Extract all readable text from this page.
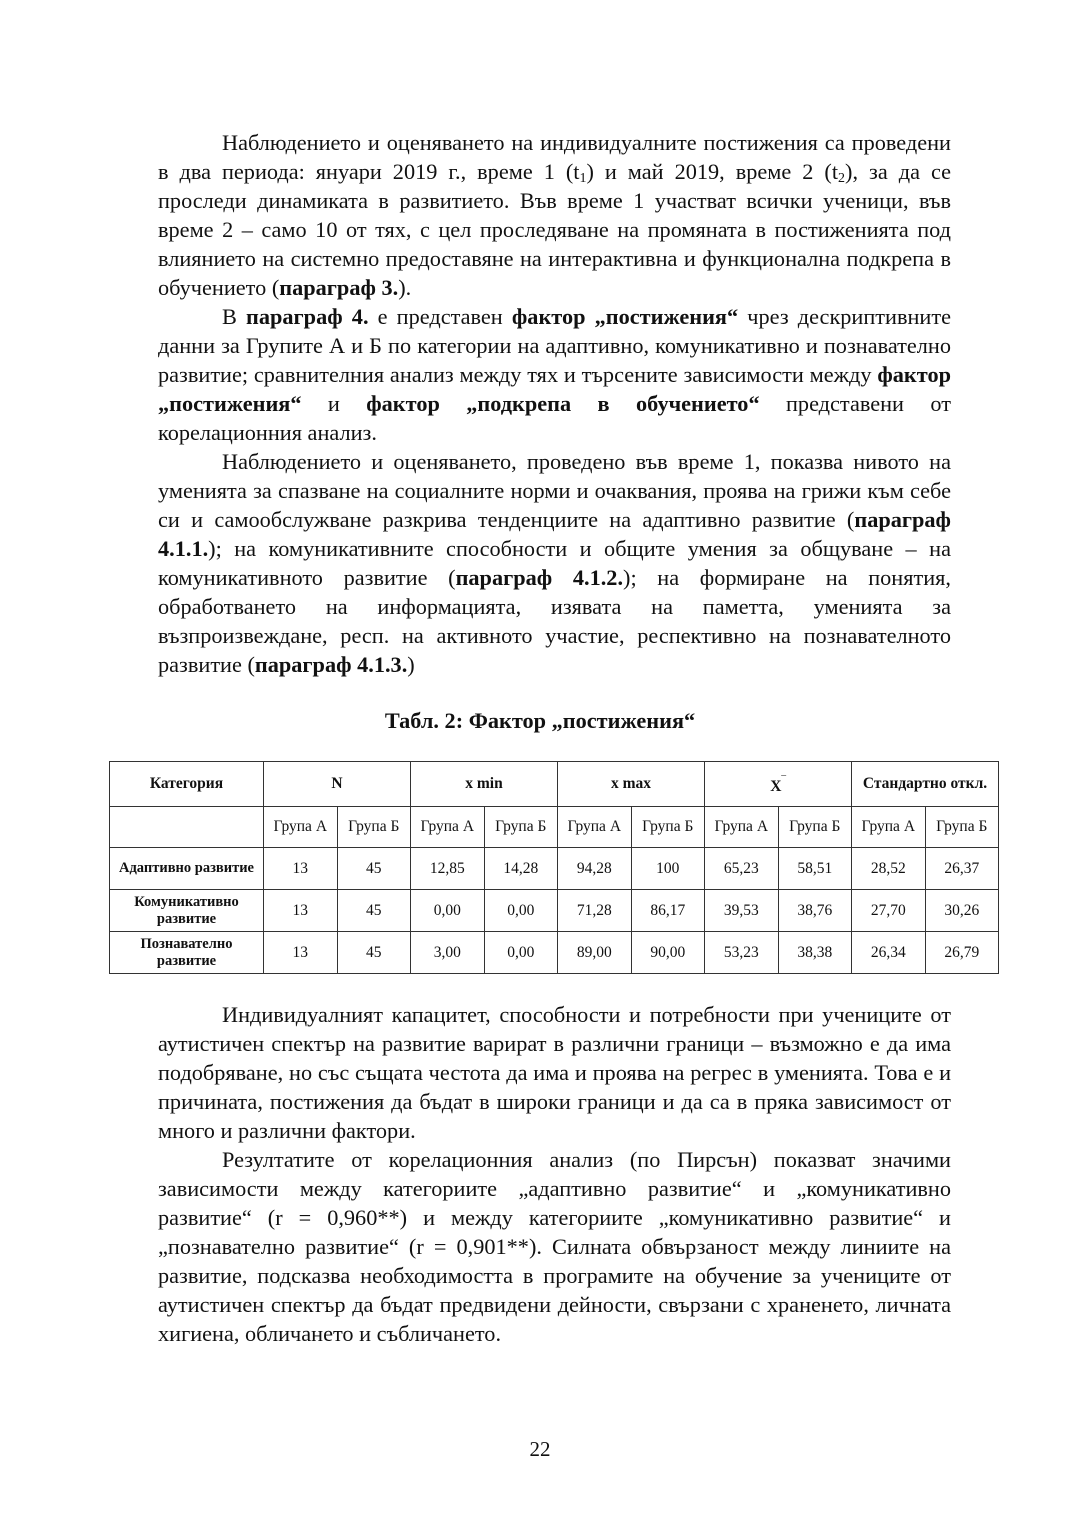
Наблюдението и оценяването на индивидуалните постижения са проведени в два периода: януари 2019 г., време 1 $(t_1)$ и май 2019, време 2 $(t_2)$, за да се проследи динамиката в развитието. Във време 1 участват всички ученици, във време 2 – само 10 от тях, с цел проследяване на промяната в постиженията под влиянието на системно предоставяне на интерактивна и функционална подкрепа в обучението (параграф 3.).

В параграф 4. е представен фактор „постижения“ чрез дескриптивните данни за Групите А и Б по категории на адаптивно, комуникативно и познавателно развитие; сравнителния анализ между тях и търсените зависимости между фактор „постижения“ и фактор „подкрепа в обучението“ представени от корелационния анализ.

Наблюдението и оценяването, проведено във време 1, показва нивото на уменията за спазване на социалните норми и очаквания, проява на грижи към себе си и самообслужване разкрива тенденциите на адаптивно развитие (параграф 4.1.1.); на комуникативните способности и общите умения за общуване – на комуникативното развитие (параграф 4.1.2.); на формиране на понятия, обработването на информацията, изявата на паметта, уменията за възпроизвеждане, респ. на активното участие, респективно на познавателното развитие (параграф 4.1.3.)

Табл. 2: Фактор „постижения“
Категория	N		x min		x max		X‾		Стандартно откл.	
	Група А	Група Б	Група А	Група Б	Група А	Група Б	Група А	Група Б	Група А	Група Б
Адаптивно развитие	13	45	12,85	14,28	94,28	100	65,23	58,51	28,52	26,37
Комуникативно развитие	13	45	0,00	0,00	71,28	86,17	39,53	38,76	27,70	30,26
Познавателно развитие	13	45	3,00	0,00	89,00	90,00	53,23	38,38	26,34	26,79

Индивидуалният капацитет, способности и потребности при учениците от аутистичен спектър на развитие варират в различни граници – възможно е да има подобряване, но със същата честота да има и проява на регрес в уменията. Това е и причината, постижения да бъдат в широки граници и да са в пряка зависимост от много и различни фактори.

Резултатите от корелационния анализ (по Пирсън) показват значими зависимости между категориите „адаптивно развитие“ и „комуникативно развитие“ (r = 0,960**) и между категориите „комуникативно развитие“ и „познавателно развитие“ (r = 0,901**). Силната обвързаност между линиите на развитие, подсказва необходимостта в програмите на обучение за учениците от аутистичен спектър да бъдат предвидени дейности, свързани с храненето, личната хигиена, обличането и събличането.

22
